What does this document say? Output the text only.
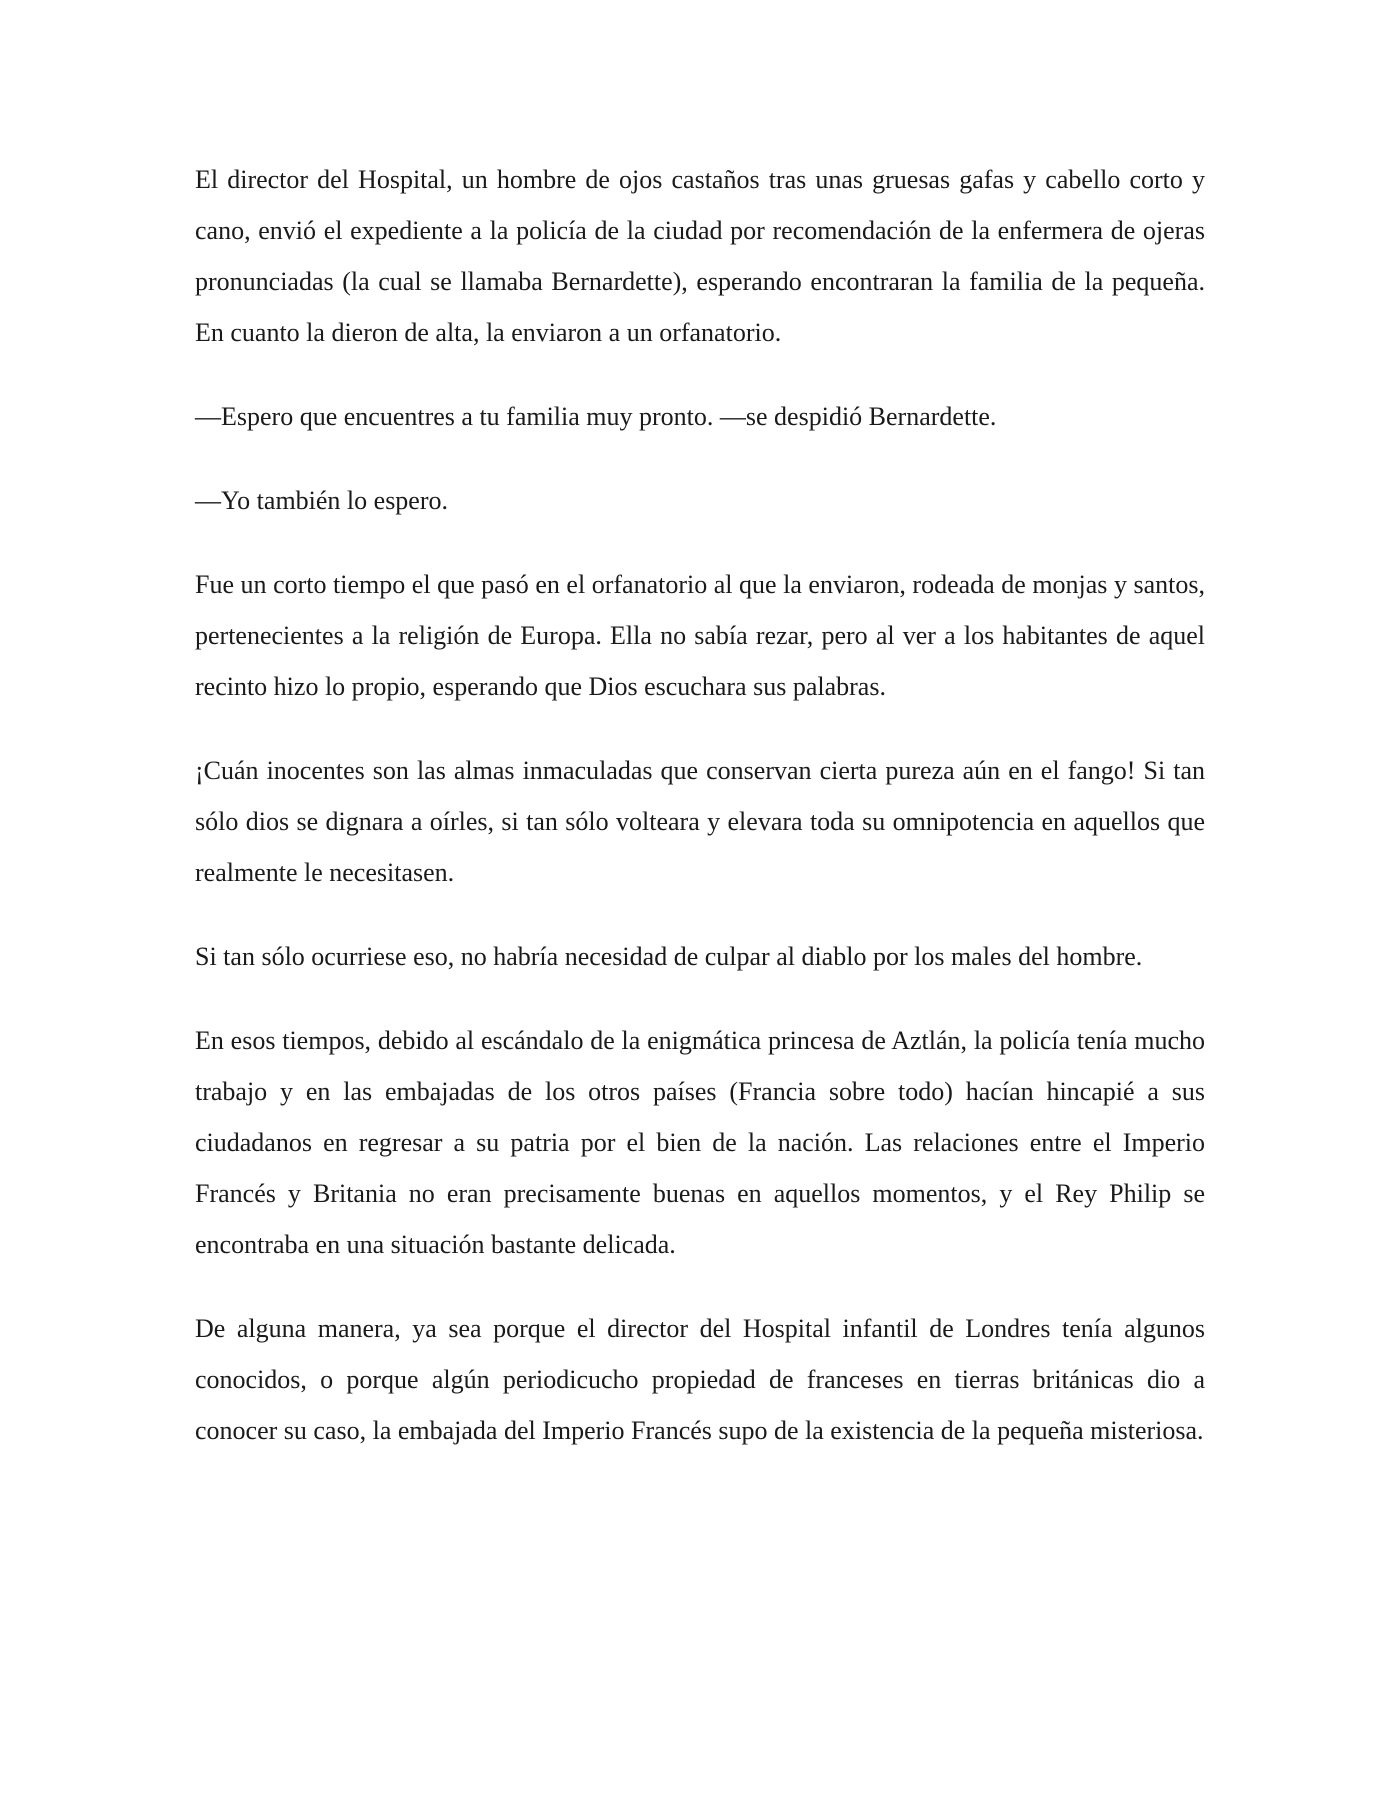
El director del Hospital, un hombre de ojos castaños tras unas gruesas gafas y cabello corto y cano, envió el expediente a la policía de la ciudad por recomendación de la enfermera de ojeras pronunciadas (la cual se llamaba Bernardette), esperando encontraran la familia de la pequeña. En cuanto la dieron de alta, la enviaron a un orfanatorio.

—Espero que encuentres a tu familia muy pronto. —se despidió Bernardette.

—Yo también lo espero.

Fue un corto tiempo el que pasó en el orfanatorio al que la enviaron, rodeada de monjas y santos, pertenecientes a la religión de Europa. Ella no sabía rezar, pero al ver a los habitantes de aquel recinto hizo lo propio, esperando que Dios escuchara sus palabras.

¡Cuán inocentes son las almas inmaculadas que conservan cierta pureza aún en el fango! Si tan sólo dios se dignara a oírles, si tan sólo volteara y elevara toda su omnipotencia en aquellos que realmente le necesitasen.

Si tan sólo ocurriese eso, no habría necesidad de culpar al diablo por los males del hombre.

En esos tiempos, debido al escándalo de la enigmática princesa de Aztlán, la policía tenía mucho trabajo y en las embajadas de los otros países (Francia sobre todo) hacían hincapié a sus ciudadanos en regresar a su patria por el bien de la nación. Las relaciones entre el Imperio Francés y Britania no eran precisamente buenas en aquellos momentos, y el Rey Philip se encontraba en una situación bastante delicada.

De alguna manera, ya sea porque el director del Hospital infantil de Londres tenía algunos conocidos, o porque algún periodicucho propiedad de franceses en tierras británicas dio a conocer su caso, la embajada del Imperio Francés supo de la existencia de la pequeña misteriosa.
